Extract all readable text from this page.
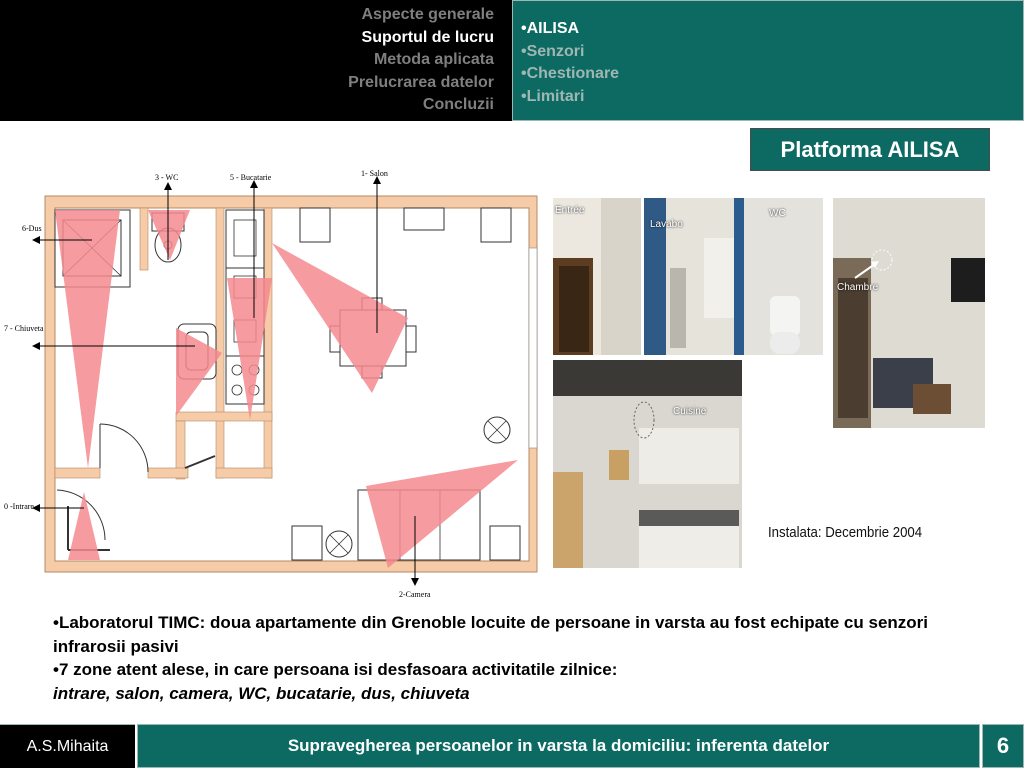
Aspecte generale
Suportul de lucru
Metoda aplicata
Prelucrarea datelor
Concluzii
•AILISA
•Senzori
•Chestionare
•Limitari
Platforma AILISA
3 - WC	5 - Bucatarie	1- Salon
6-Dus
7 - Chiuveta
0 -Intrare
2-Camera
Entrée
Lavabo
WC
Chambre
Cuisine
Instalata: Decembrie 2004
•Laboratorul TIMC: doua apartamente din Grenoble locuite de persoane in varsta au fost echipate cu senzori infrarosii pasivi
•7 zone atent alese, in care persoana isi desfasoara activitatile zilnice:
intrare, salon, camera, WC, bucatarie, dus, chiuveta
A.S.Mihaita	Supravegherea persoanelor in varsta la domiciliu: inferenta datelor	6
